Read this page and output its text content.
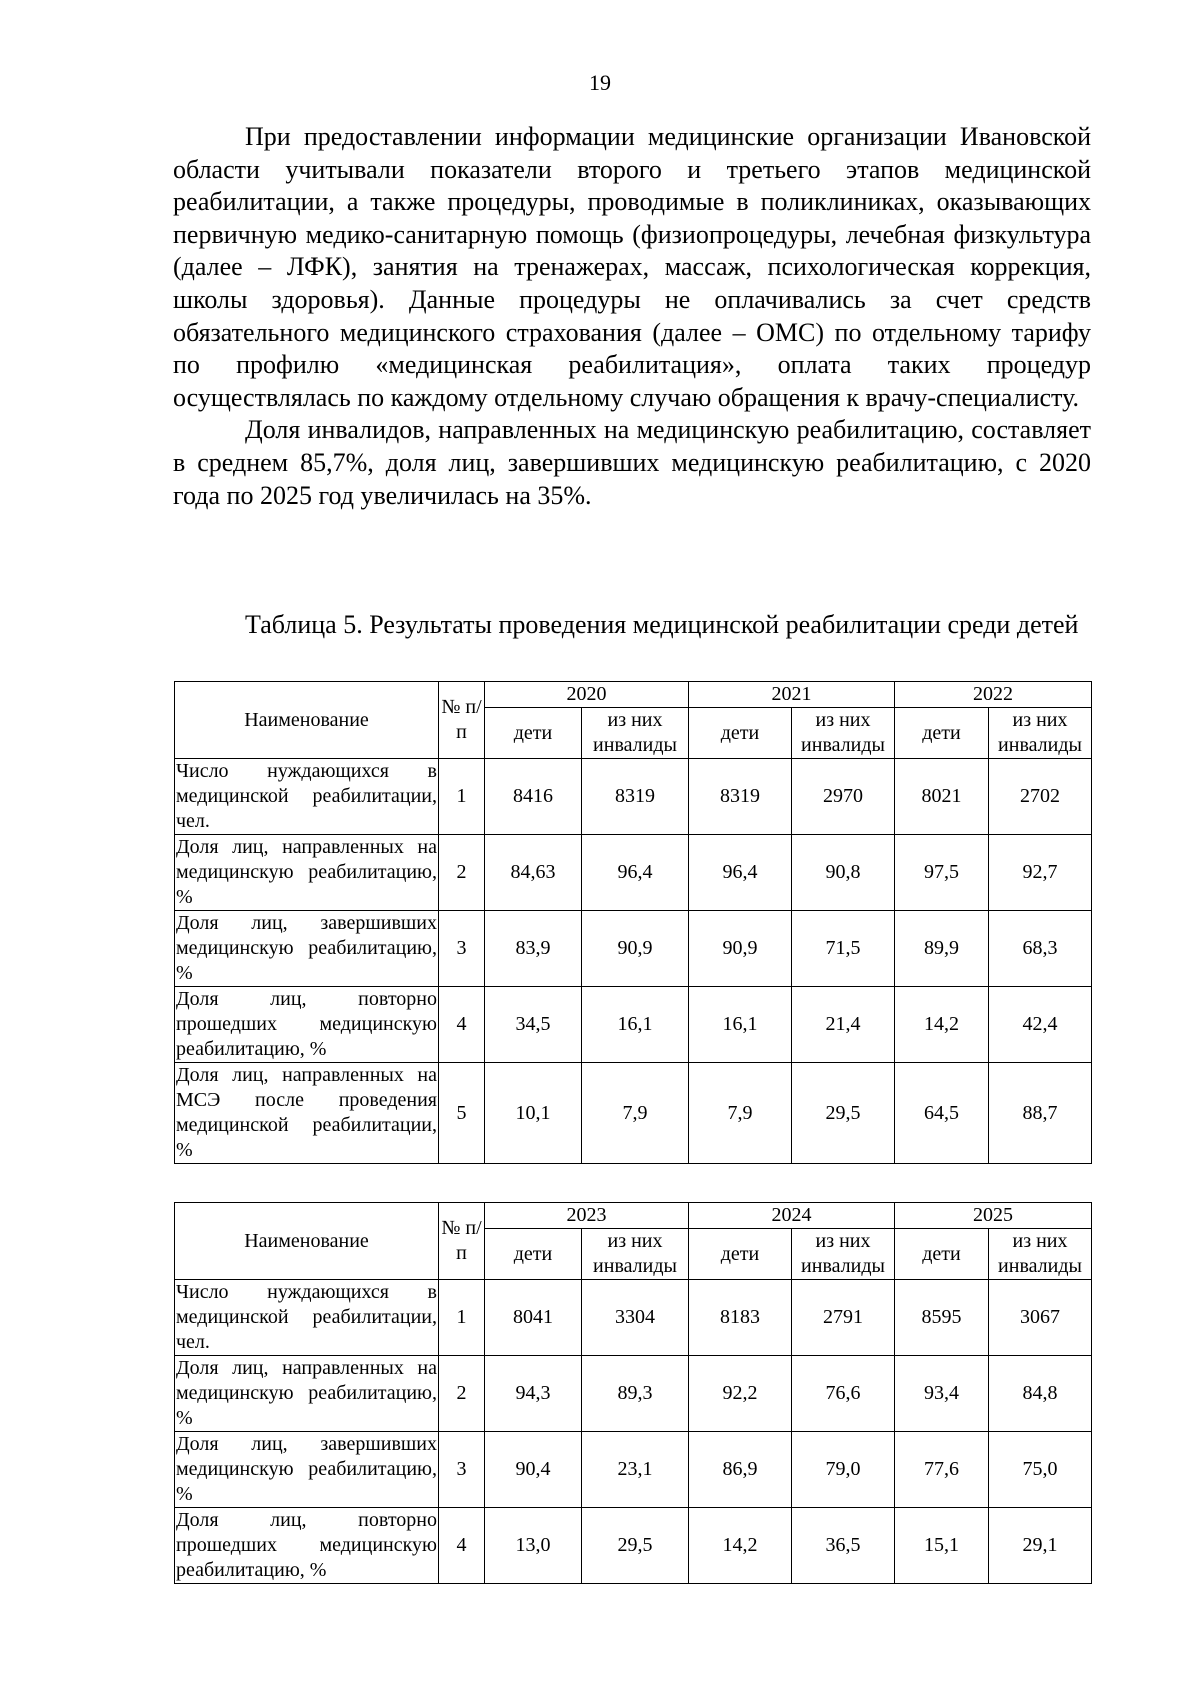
19

При предоставлении информации медицинские организации Ивановской области учитывали показатели второго и третьего этапов медицинской реабилитации, а также процедуры, проводимые в поликлиниках, оказывающих первичную медико-санитарную помощь (физиопроцедуры, лечебная физкультура (далее – ЛФК), занятия на тренажерах, массаж, психологическая коррекция, школы здоровья). Данные процедуры не оплачивались за счет средств обязательного медицинского страхования (далее – ОМС) по отдельному тарифу по профилю «медицинская реабилитация», оплата таких процедур осуществлялась по каждому отдельному случаю обращения к врачу-специалисту.

Доля инвалидов, направленных на медицинскую реабилитацию, составляет в среднем 85,7%, доля лиц, завершивших медицинскую реабилитацию, с 2020 года по 2025 год увеличилась на 35%.

Таблица 5. Результаты проведения медицинской реабилитации среди детей
Наименование	№ п/п	2020		2021		2022	
		дети	из них инвалиды	дети	из них инвалиды	дети	из них инвалиды
Число нуждающихся в медицинской реабилитации, чел.	1	8416	8319	8319	2970	8021	2702
Доля лиц, направленных на медицинскую реабилитацию, %	2	84,63	96,4	96,4	90,8	97,5	92,7
Доля лиц, завершивших медицинскую реабилитацию, %	3	83,9	90,9	90,9	71,5	89,9	68,3
Доля лиц, повторно прошедших медицинскую реабилитацию, %	4	34,5	16,1	16,1	21,4	14,2	42,4
Доля лиц, направленных на МСЭ после проведения медицинской реабилитации, %	5	10,1	7,9	7,9	29,5	64,5	88,7
Наименование	№ п/п	2023		2024		2025	
		дети	из них инвалиды	дети	из них инвалиды	дети	из них инвалиды
Число нуждающихся в медицинской реабилитации, чел.	1	8041	3304	8183	2791	8595	3067
Доля лиц, направленных на медицинскую реабилитацию, %	2	94,3	89,3	92,2	76,6	93,4	84,8
Доля лиц, завершивших медицинскую реабилитацию, %	3	90,4	23,1	86,9	79,0	77,6	75,0
Доля лиц, повторно прошедших медицинскую реабилитацию, %	4	13,0	29,5	14,2	36,5	15,1	29,1
